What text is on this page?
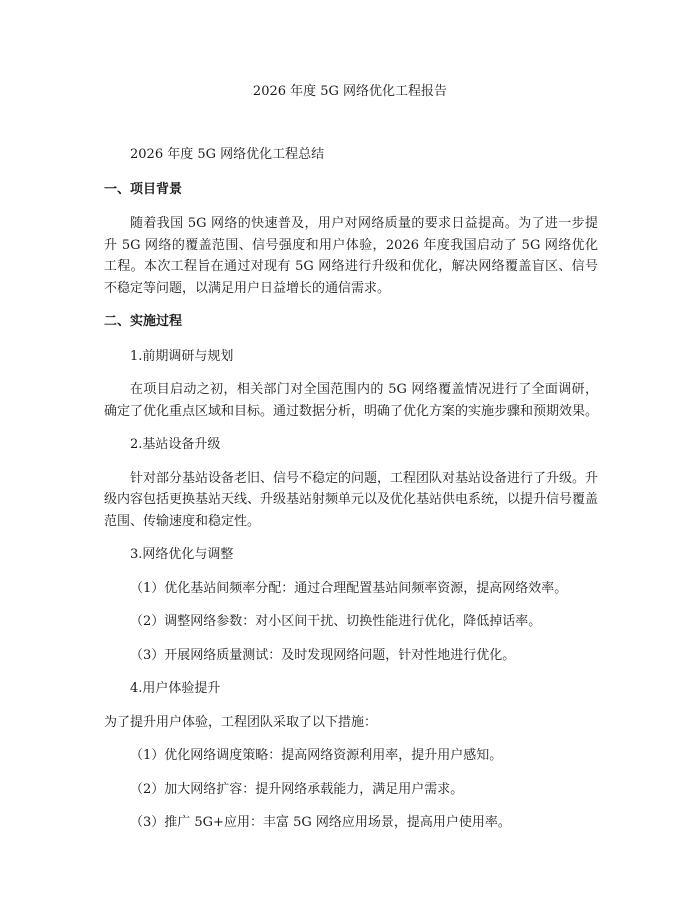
2026 年度 5G 网络优化工程报告
2026 年度 5G 网络优化工程总结
一、项目背景
随着我国 5G 网络的快速普及，用户对网络质量的要求日益提高。为了进一步提升 5G 网络的覆盖范围、信号强度和用户体验，2026 年度我国启动了 5G 网络优化工程。本次工程旨在通过对现有 5G 网络进行升级和优化，解决网络覆盖盲区、信号不稳定等问题，以满足用户日益增长的通信需求。
二、实施过程
1.前期调研与规划
在项目启动之初，相关部门对全国范围内的 5G 网络覆盖情况进行了全面调研，确定了优化重点区域和目标。通过数据分析，明确了优化方案的实施步骤和预期效果。
2.基站设备升级
针对部分基站设备老旧、信号不稳定的问题，工程团队对基站设备进行了升级。升级内容包括更换基站天线、升级基站射频单元以及优化基站供电系统，以提升信号覆盖范围、传输速度和稳定性。
3.网络优化与调整
（1）优化基站间频率分配：通过合理配置基站间频率资源，提高网络效率。
（2）调整网络参数：对小区间干扰、切换性能进行优化，降低掉话率。
（3）开展网络质量测试：及时发现网络问题，针对性地进行优化。
4.用户体验提升
为了提升用户体验，工程团队采取了以下措施：
（1）优化网络调度策略：提高网络资源利用率，提升用户感知。
（2）加大网络扩容：提升网络承载能力，满足用户需求。
（3）推广 5G+应用：丰富 5G 网络应用场景，提高用户使用率。
